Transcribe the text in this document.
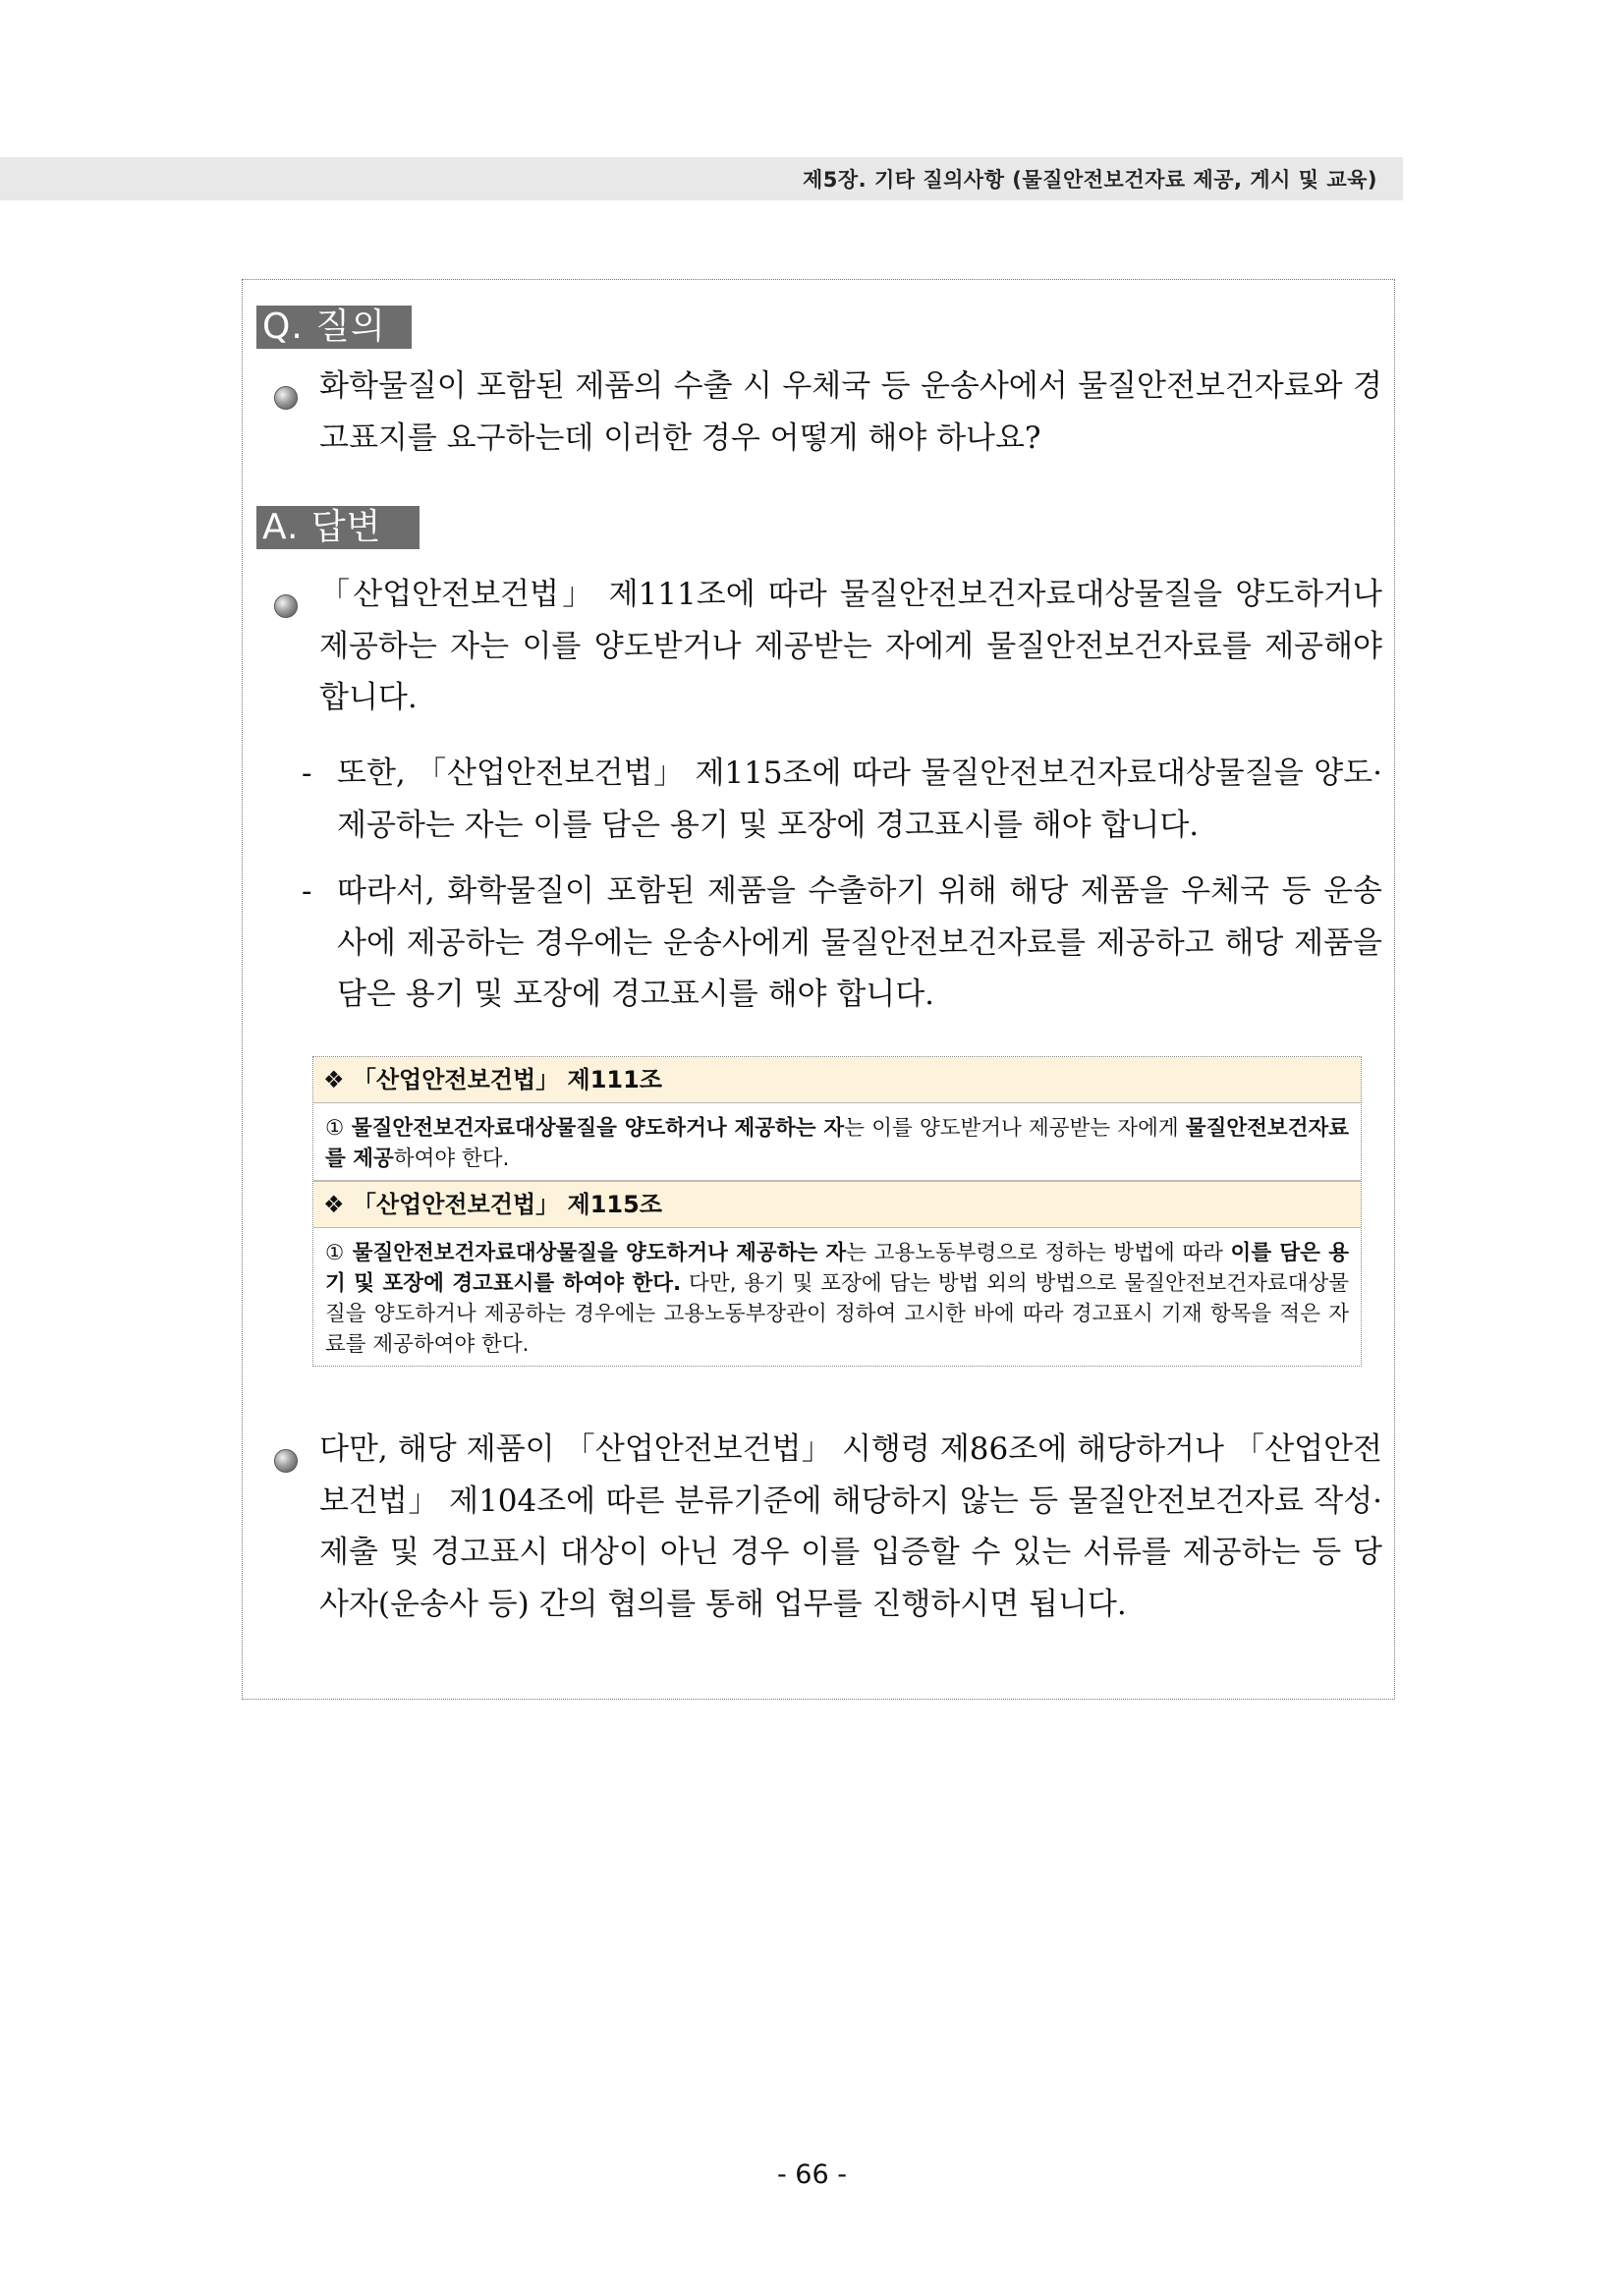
제5장. 기타 질의사항 (물질안전보건자료 제공, 게시 및 교육)
Q. 질의
화학물질이 포함된 제품의 수출 시 우체국 등 운송사에서 물질안전보건자료와 경고표지를 요구하는데 이러한 경우 어떻게 해야 하나요?
A. 답변
「산업안전보건법」 제111조에 따라 물질안전보건자료대상물질을 양도하거나 제공하는 자는 이를 양도받거나 제공받는 자에게 물질안전보건자료를 제공해야 합니다.
- 또한, 「산업안전보건법」 제115조에 따라 물질안전보건자료대상물질을 양도·제공하는 자는 이를 담은 용기 및 포장에 경고표시를 해야 합니다.
- 따라서, 화학물질이 포함된 제품을 수출하기 위해 해당 제품을 우체국 등 운송사에 제공하는 경우에는 운송사에게 물질안전보건자료를 제공하고 해당 제품을 담은 용기 및 포장에 경고표시를 해야 합니다.
❖ 「산업안전보건법」 제111조
① 물질안전보건자료대상물질을 양도하거나 제공하는 자는 이를 양도받거나 제공받는 자에게 물질안전보건자료를 제공하여야 한다.
❖ 「산업안전보건법」 제115조
① 물질안전보건자료대상물질을 양도하거나 제공하는 자는 고용노동부령으로 정하는 방법에 따라 이를 담은 용기 및 포장에 경고표시를 하여야 한다. 다만, 용기 및 포장에 담는 방법 외의 방법으로 물질안전보건자료대상물질을 양도하거나 제공하는 경우에는 고용노동부장관이 정하여 고시한 바에 따라 경고표시 기재 항목을 적은 자료를 제공하여야 한다.
다만, 해당 제품이 「산업안전보건법」 시행령 제86조에 해당하거나 「산업안전보건법」 제104조에 따른 분류기준에 해당하지 않는 등 물질안전보건자료 작성·제출 및 경고표시 대상이 아닌 경우 이를 입증할 수 있는 서류를 제공하는 등 당사자(운송사 등) 간의 협의를 통해 업무를 진행하시면 됩니다.
- 66 -
